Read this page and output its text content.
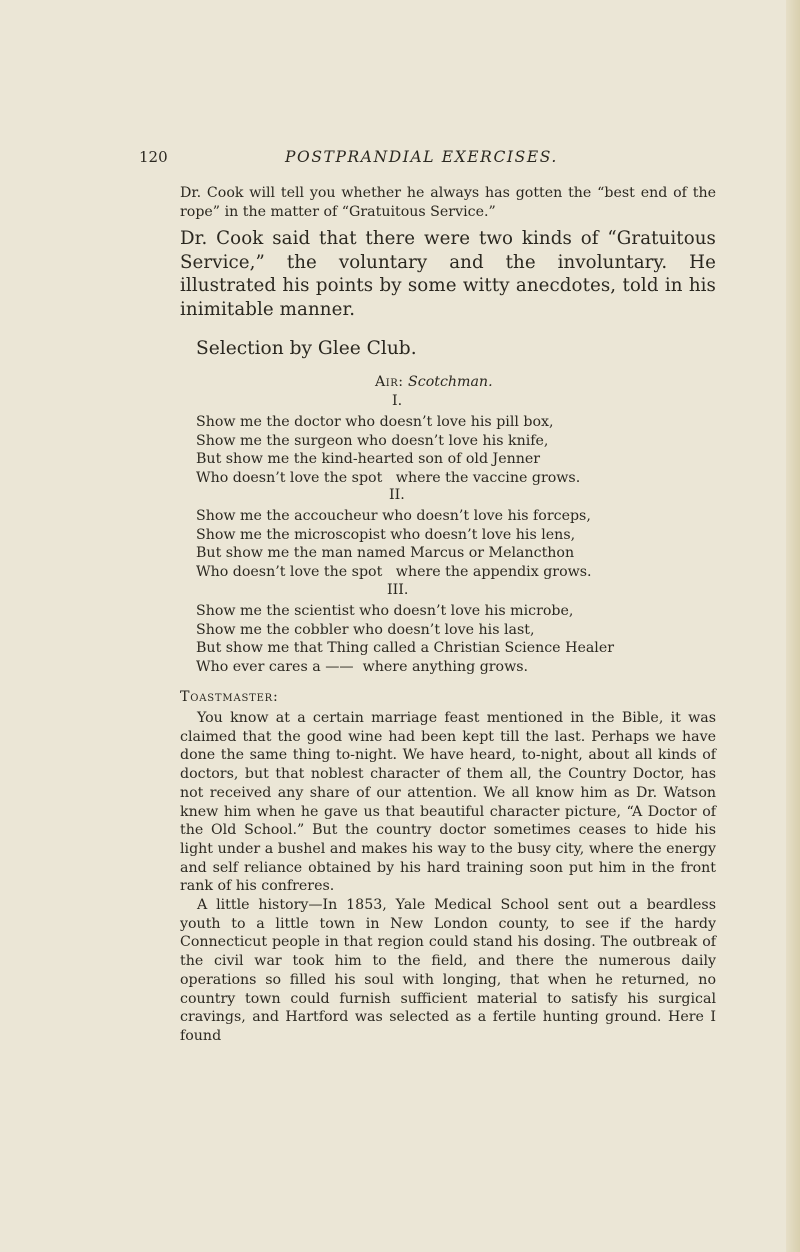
120	POSTPRANDIAL EXERCISES.
Dr. Cook will tell you whether he always has gotten the “best end of the rope” in the matter of “Gratuitous Service.”
Dr. Cook said that there were two kinds of “Gratuitous Service,” the voluntary and the involuntary. He illustrated his points by some witty anecdotes, told in his inimitable manner.
Selection by Glee Club.
Air: Scotchman.
I.
Show me the doctor who doesn’t love his pill box,
Show me the surgeon who doesn’t love his knife,
But show me the kind-hearted son of old Jenner
Who doesn’t love the spot   where the vaccine grows.
II.
Show me the accoucheur who doesn’t love his forceps,
Show me the microscopist who doesn’t love his lens,
But show me the man named Marcus or Melancthon
Who doesn’t love the spot   where the appendix grows.
III.
Show me the scientist who doesn’t love his microbe,
Show me the cobbler who doesn’t love his last,
But show me that Thing called a Christian Science Healer
Who ever cares a ——  where anything grows.
Toastmaster:

You know at a certain marriage feast mentioned in the Bible, it was claimed that the good wine had been kept till the last. Perhaps we have done the same thing to-night. We have heard, to-night, about all kinds of doctors, but that noblest character of them all, the Country Doctor, has not received any share of our attention. We all know him as Dr. Watson knew him when he gave us that beautiful character picture, “A Doctor of the Old School.” But the country doctor sometimes ceases to hide his light under a bushel and makes his way to the busy city, where the energy and self reliance obtained by his hard training soon put him in the front rank of his confreres.

A little history—In 1853, Yale Medical School sent out a beardless youth to a little town in New London county, to see if the hardy Connecticut people in that region could stand his dosing. The outbreak of the civil war took him to the field, and there the numerous daily operations so filled his soul with longing, that when he returned, no country town could furnish sufficient material to satisfy his surgical cravings, and Hartford was selected as a fertile hunting ground. Here I found
